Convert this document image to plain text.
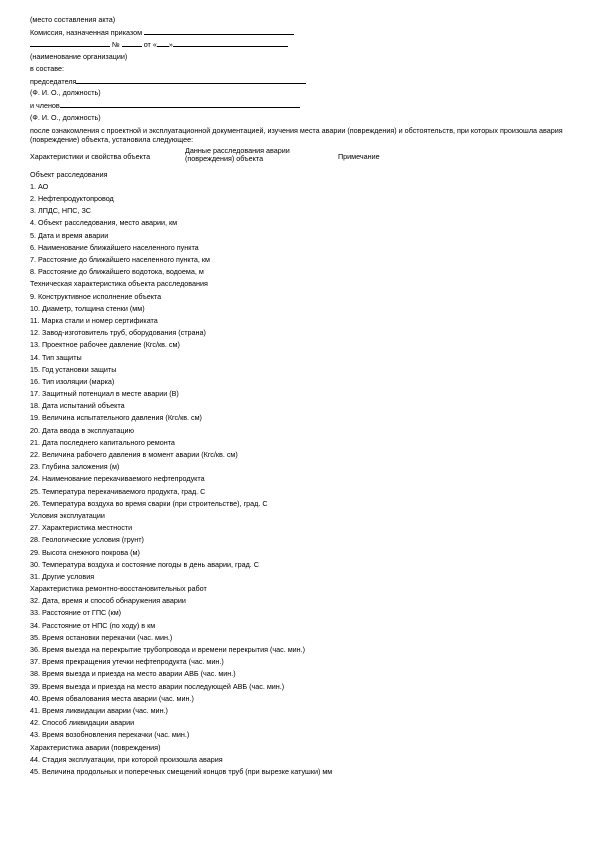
(место составления акта)
Комиссия, назначенная приказом
№	от « »
(наименование организации)
в составе:
председателя
(Ф. И. О., должность)
и членов
(Ф. И. О., должность)
после ознакомления с проектной и эксплуатационной документацией, изучения места аварии (повреждения) и обстоятельств, при которых произошла авария (повреждение) объекта, установила следующее:
Характеристики и свойства объекта
Данные расследования аварии (повреждения) объекта	Примечание
Объект расследования
1. АО
2. Нефтепродуктопровод
3. ЛПДС, НПС, ЗС
4. Объект расследования, место аварии, км
5. Дата и время аварии
6. Наименование ближайшего населенного пункта
7. Расстояние до ближайшего населенного пункта, км
8. Расстояние до ближайшего водотока, водоема, м
Техническая характеристика объекта расследования
9. Конструктивное исполнение объекта
10. Диаметр, толщина стенки (мм)
11. Марка стали и номер сертификата
12. Завод-изготовитель труб, оборудования (страна)
13. Проектное рабочее давление (Кгс/кв. см)
14. Тип защиты
15. Год установки защиты
16. Тип изоляции (марка)
17. Защитный потенциал в месте аварии (В)
18. Дата испытаний объекта
19. Величина испытательного давления (Кгс/кв. см)
20. Дата ввода в эксплуатацию
21. Дата последнего капитального ремонта
22. Величина рабочего давления в момент аварии (Кгс/кв. см)
23. Глубина заложения (м)
24. Наименование перекачиваемого нефтепродукта
25. Температура перекачиваемого продукта, град. С
26. Температура воздуха во время сварки (при строительстве), град. С
Условия эксплуатации
27. Характеристика местности
28. Геологические условия (грунт)
29. Высота снежного покрова (м)
30. Температура воздуха и состояние погоды в день аварии, град. С
31. Другие условия
Характеристика ремонтно-восстановительных работ
32. Дата, время и способ обнаружения аварии
33. Расстояние от ГПС (км)
34. Расстояние от НПС (по ходу) в км
35. Время остановки перекачки (час. мин.)
36. Время выезда на перекрытие трубопровода и времени перекрытия (час. мин.)
37. Время прекращения утечки нефтепродукта (час. мин.)
38. Время выезда и приезда на место аварии АВБ (час. мин.)
39. Время выезда и приезда на место аварии последующей АВБ (час. мин.)
40. Время обвалования места аварии (час. мин.)
41. Время ликвидации аварии (час. мин.)
42. Способ ликвидации аварии
43. Время возобновления перекачки (час. мин.)
Характеристика аварии (повреждения)
44. Стадия эксплуатации, при которой произошла авария
45. Величина продольных и поперечных смещений концов труб (при вырезке катушки) мм
